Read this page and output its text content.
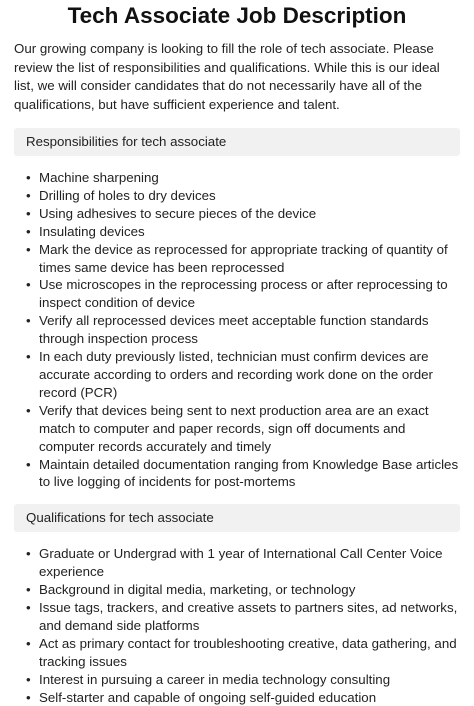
Tech Associate Job Description

Our growing company is looking to fill the role of tech associate. Please review the list of responsibilities and qualifications. While this is our ideal list, we will consider candidates that do not necessarily have all of the qualifications, but have sufficient experience and talent.

Responsibilities for tech associate
• Machine sharpening
• Drilling of holes to dry devices
• Using adhesives to secure pieces of the device
• Insulating devices
• Mark the device as reprocessed for appropriate tracking of quantity of times same device has been reprocessed
• Use microscopes in the reprocessing process or after reprocessing to inspect condition of device
• Verify all reprocessed devices meet acceptable function standards through inspection process
• In each duty previously listed, technician must confirm devices are accurate according to orders and recording work done on the order record (PCR)
• Verify that devices being sent to next production area are an exact match to computer and paper records, sign off documents and computer records accurately and timely
• Maintain detailed documentation ranging from Knowledge Base articles to live logging of incidents for post-mortems
Qualifications for tech associate
• Graduate or Undergrad with 1 year of International Call Center Voice experience
• Background in digital media, marketing, or technology
• Issue tags, trackers, and creative assets to partners sites, ad networks, and demand side platforms
• Act as primary contact for troubleshooting creative, data gathering, and tracking issues
• Interest in pursuing a career in media technology consulting
• Self-starter and capable of ongoing self-guided education
